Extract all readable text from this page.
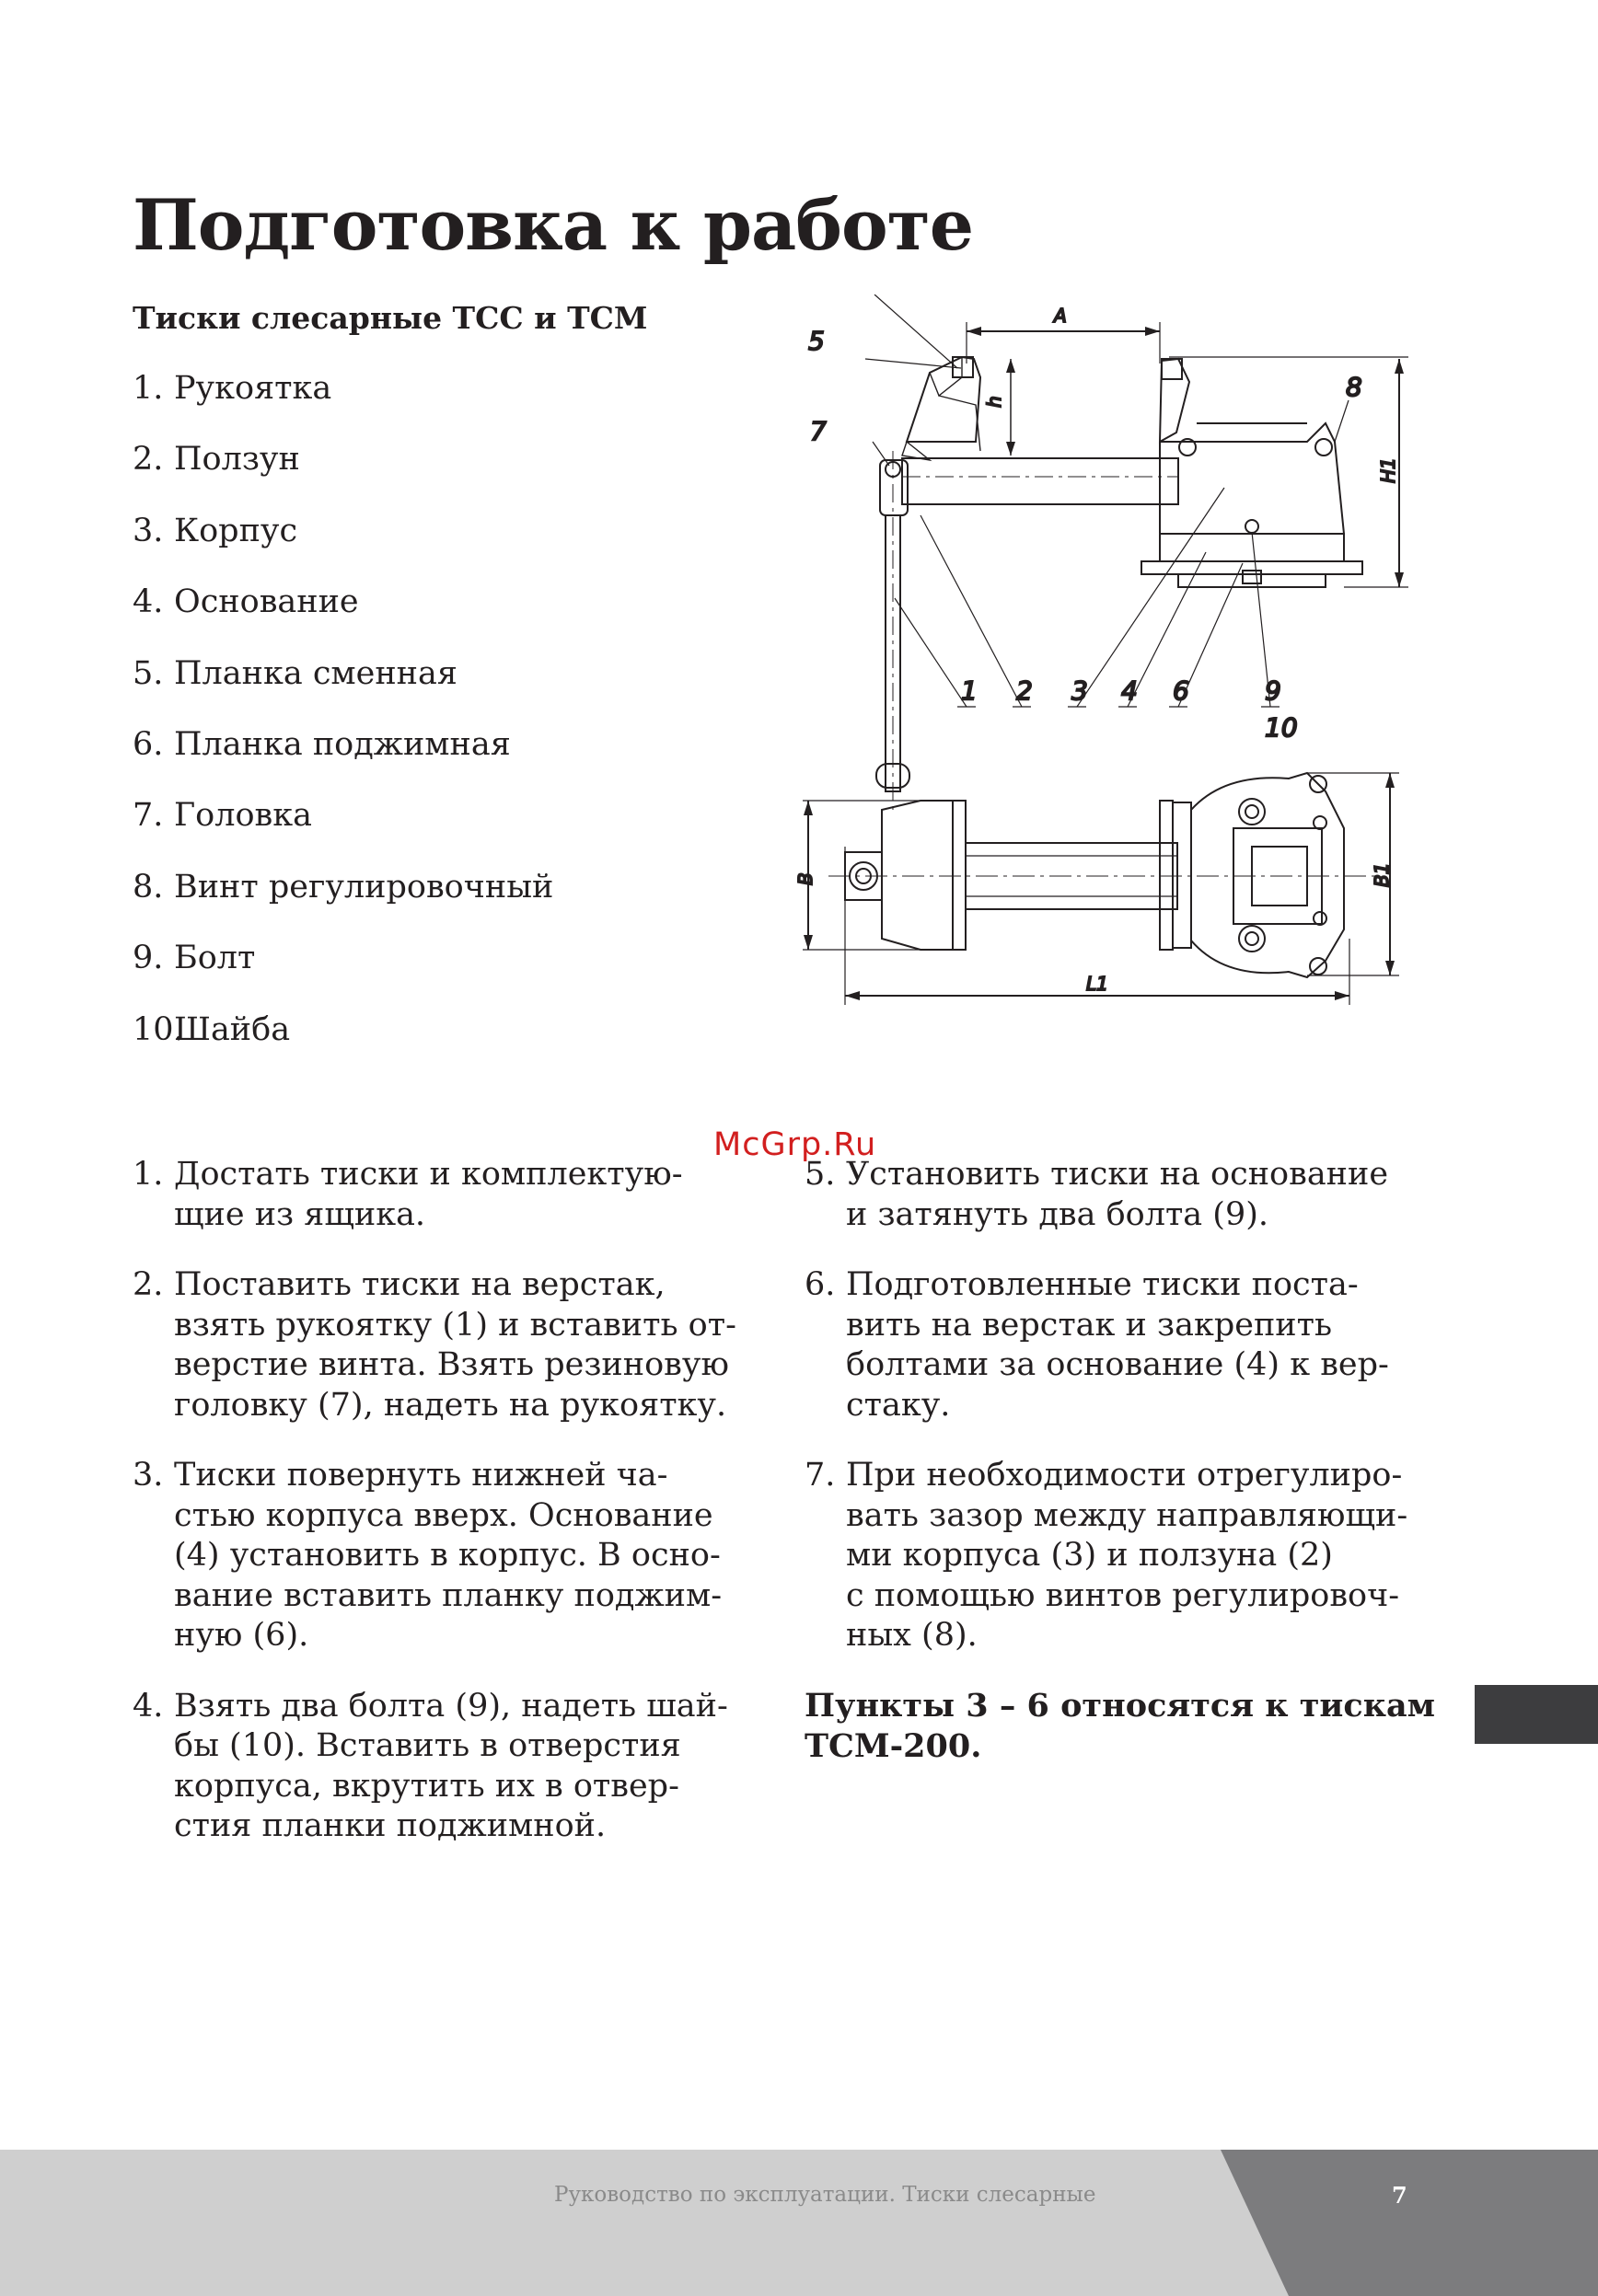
Подготовка к работе
Тиски слесарные ТСС и ТСМ
1. Рукоятка
2. Ползун
3. Корпус
4. Основание
5. Планка сменная
6. Планка поджимная
7. Головка
8. Винт регулировочный
9. Болт
10.
Шайба
A
h
H1
1 2 3 4
5
6
7
8
9
10
B	B1
L1
McGrp.Ru
1. Достать тиски и комплектую-
щие из ящика.
2. Поставить тиски на верстак,
взять рукоятку (1) и вставить от-
верстие винта. Взять резиновую
головку (7), надеть на рукоятку.
3. Тиски повернуть нижней ча-
стью корпуса вверх. Основание
(4) установить в корпус. В осно-
вание вставить планку поджим-
ную (6).
4. Взять два болта (9), надеть шай-
бы (10). Вставить в отверстия
корпуса, вкрутить их в отвер-
стия планки поджимной.
5. Установить тиски на основание
и затянуть два болта (9).
6. Подготовленные тиски поста-
вить на верстак и закрепить
болтами за основание (4) к вер-
стаку.
7. При необходимости отрегулиро-
вать зазор между направляющи-
ми корпуса (3) и ползуна (2)
с помощью винтов регулировоч-
ных (8).
Пункты 3 – 6 относятся к тискам
ТСМ-200.
Руководство по эксплуатации. Тиски слесарные	7
